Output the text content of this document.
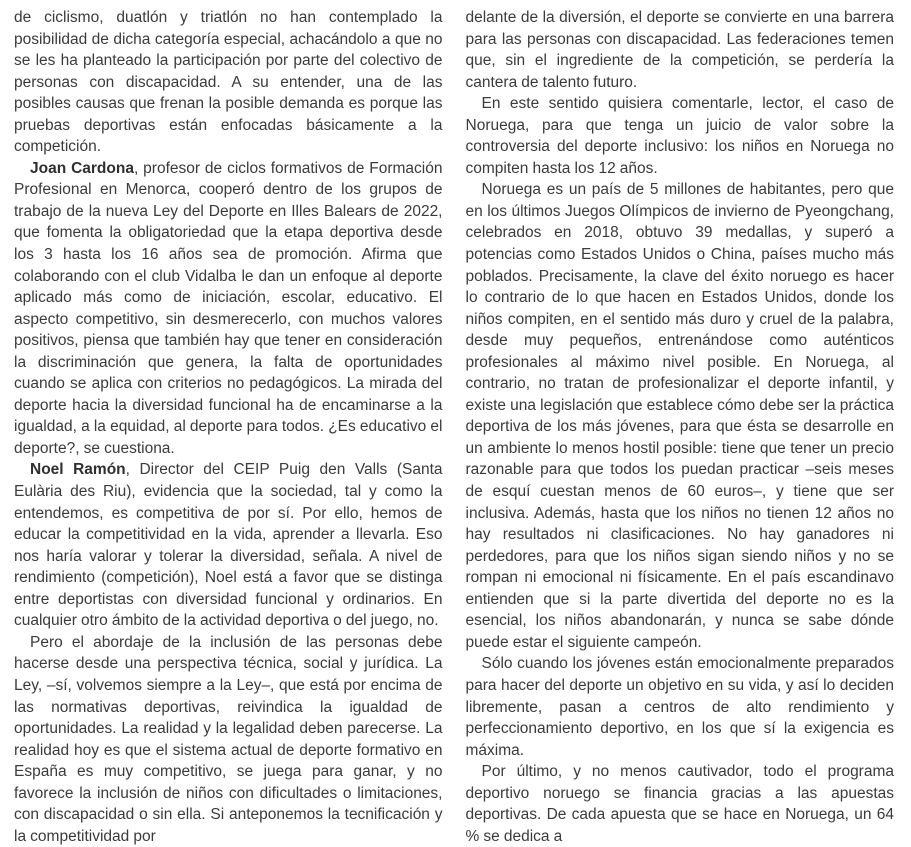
de ciclismo, duatlón y triatlón no han contemplado la posibilidad de dicha categoría especial, achacándolo a que no se les ha planteado la participación por parte del colectivo de personas con discapacidad. A su entender, una de las posibles causas que frenan la posible demanda es porque las pruebas deportivas están enfocadas básicamente a la competición.

Joan Cardona, profesor de ciclos formativos de Formación Profesional en Menorca, cooperó dentro de los grupos de trabajo de la nueva Ley del Deporte en Illes Balears de 2022, que fomenta la obligatoriedad que la etapa deportiva desde los 3 hasta los 16 años sea de promoción. Afirma que colaborando con el club Vidalba le dan un enfoque al deporte aplicado más como de iniciación, escolar, educativo. El aspecto competitivo, sin desmerecerlo, con muchos valores positivos, piensa que también hay que tener en consideración la discriminación que genera, la falta de oportunidades cuando se aplica con criterios no pedagógicos. La mirada del deporte hacia la diversidad funcional ha de encaminarse a la igualdad, a la equidad, al deporte para todos. ¿Es educativo el deporte?, se cuestiona.

Noel Ramón, Director del CEIP Puig den Valls (Santa Eulària des Riu), evidencia que la sociedad, tal y como la entendemos, es competitiva de por sí. Por ello, hemos de educar la competitividad en la vida, aprender a llevarla. Eso nos haría valorar y tolerar la diversidad, señala. A nivel de rendimiento (competición), Noel está a favor que se distinga entre deportistas con diversidad funcional y ordinarios. En cualquier otro ámbito de la actividad deportiva o del juego, no.

Pero el abordaje de la inclusión de las personas debe hacerse desde una perspectiva técnica, social y jurídica. La Ley, –sí, volvemos siempre a la Ley–, que está por encima de las normativas deportivas, reivindica la igualdad de oportunidades. La realidad y la legalidad deben parecerse. La realidad hoy es que el sistema actual de deporte formativo en España es muy competitivo, se juega para ganar, y no favorece la inclusión de niños con dificultades o limitaciones, con discapacidad o sin ella. Si anteponemos la tecnificación y la competitividad por

delante de la diversión, el deporte se convierte en una barrera para las personas con discapacidad. Las federaciones temen que, sin el ingrediente de la competición, se perdería la cantera de talento futuro.

En este sentido quisiera comentarle, lector, el caso de Noruega, para que tenga un juicio de valor sobre la controversia del deporte inclusivo: los niños en Noruega no compiten hasta los 12 años.

Noruega es un país de 5 millones de habitantes, pero que en los últimos Juegos Olímpicos de invierno de Pyeongchang, celebrados en 2018, obtuvo 39 medallas, y superó a potencias como Estados Unidos o China, países mucho más poblados. Precisamente, la clave del éxito noruego es hacer lo contrario de lo que hacen en Estados Unidos, donde los niños compiten, en el sentido más duro y cruel de la palabra, desde muy pequeños, entrenándose como auténticos profesionales al máximo nivel posible. En Noruega, al contrario, no tratan de profesionalizar el deporte infantil, y existe una legislación que establece cómo debe ser la práctica deportiva de los más jóvenes, para que ésta se desarrolle en un ambiente lo menos hostil posible: tiene que tener un precio razonable para que todos los puedan practicar –seis meses de esquí cuestan menos de 60 euros–, y tiene que ser inclusiva. Además, hasta que los niños no tienen 12 años no hay resultados ni clasificaciones. No hay ganadores ni perdedores, para que los niños sigan siendo niños y no se rompan ni emocional ni físicamente. En el país escandinavo entienden que si la parte divertida del deporte no es la esencial, los niños abandonarán, y nunca se sabe dónde puede estar el siguiente campeón.

Sólo cuando los jóvenes están emocionalmente preparados para hacer del deporte un objetivo en su vida, y así lo deciden libremente, pasan a centros de alto rendimiento y perfeccionamiento deportivo, en los que sí la exigencia es máxima.

Por último, y no menos cautivador, todo el programa deportivo noruego se financia gracias a las apuestas deportivas. De cada apuesta que se hace en Noruega, un 64 % se dedica a
